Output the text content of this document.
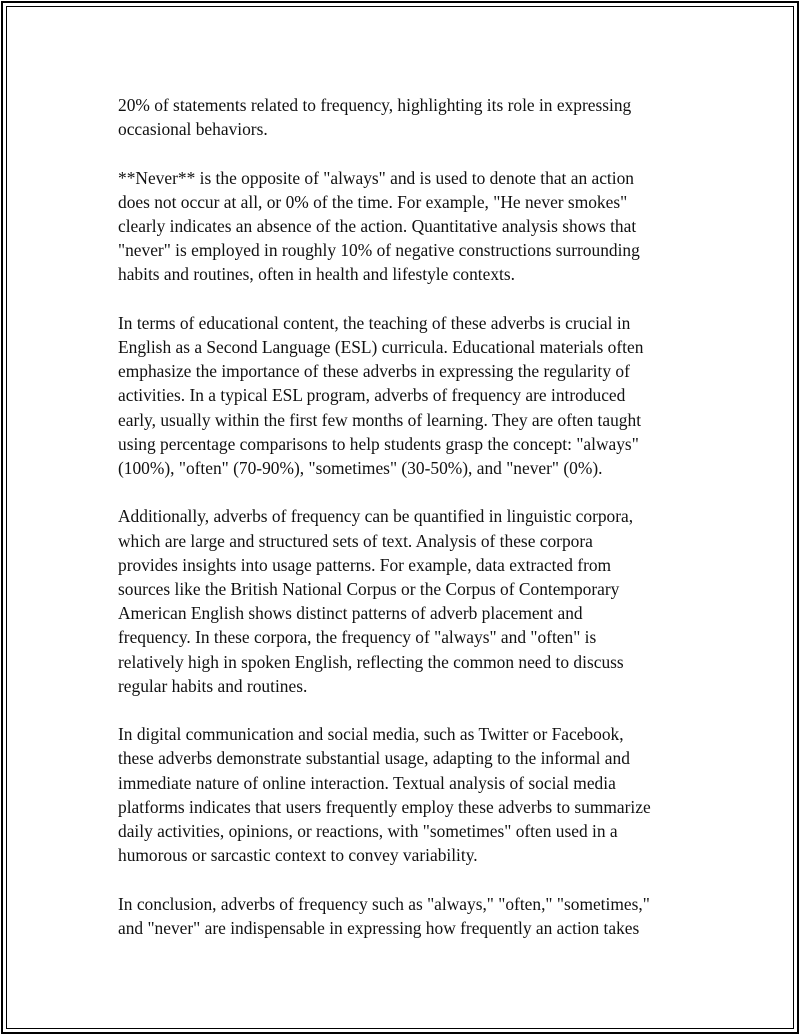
20% of statements related to frequency, highlighting its role in expressing
occasional behaviors.

**Never** is the opposite of "always" and is used to denote that an action
does not occur at all, or 0% of the time. For example, "He never smokes"
clearly indicates an absence of the action. Quantitative analysis shows that
"never" is employed in roughly 10% of negative constructions surrounding
habits and routines, often in health and lifestyle contexts.

In terms of educational content, the teaching of these adverbs is crucial in
English as a Second Language (ESL) curricula. Educational materials often
emphasize the importance of these adverbs in expressing the regularity of
activities. In a typical ESL program, adverbs of frequency are introduced
early, usually within the first few months of learning. They are often taught
using percentage comparisons to help students grasp the concept: "always"
(100%), "often" (70-90%), "sometimes" (30-50%), and "never" (0%).

Additionally, adverbs of frequency can be quantified in linguistic corpora,
which are large and structured sets of text. Analysis of these corpora
provides insights into usage patterns. For example, data extracted from
sources like the British National Corpus or the Corpus of Contemporary
American English shows distinct patterns of adverb placement and
frequency. In these corpora, the frequency of "always" and "often" is
relatively high in spoken English, reflecting the common need to discuss
regular habits and routines.

In digital communication and social media, such as Twitter or Facebook,
these adverbs demonstrate substantial usage, adapting to the informal and
immediate nature of online interaction. Textual analysis of social media
platforms indicates that users frequently employ these adverbs to summarize
daily activities, opinions, or reactions, with "sometimes" often used in a
humorous or sarcastic context to convey variability.

In conclusion, adverbs of frequency such as "always," "often," "sometimes,"
and "never" are indispensable in expressing how frequently an action takes
